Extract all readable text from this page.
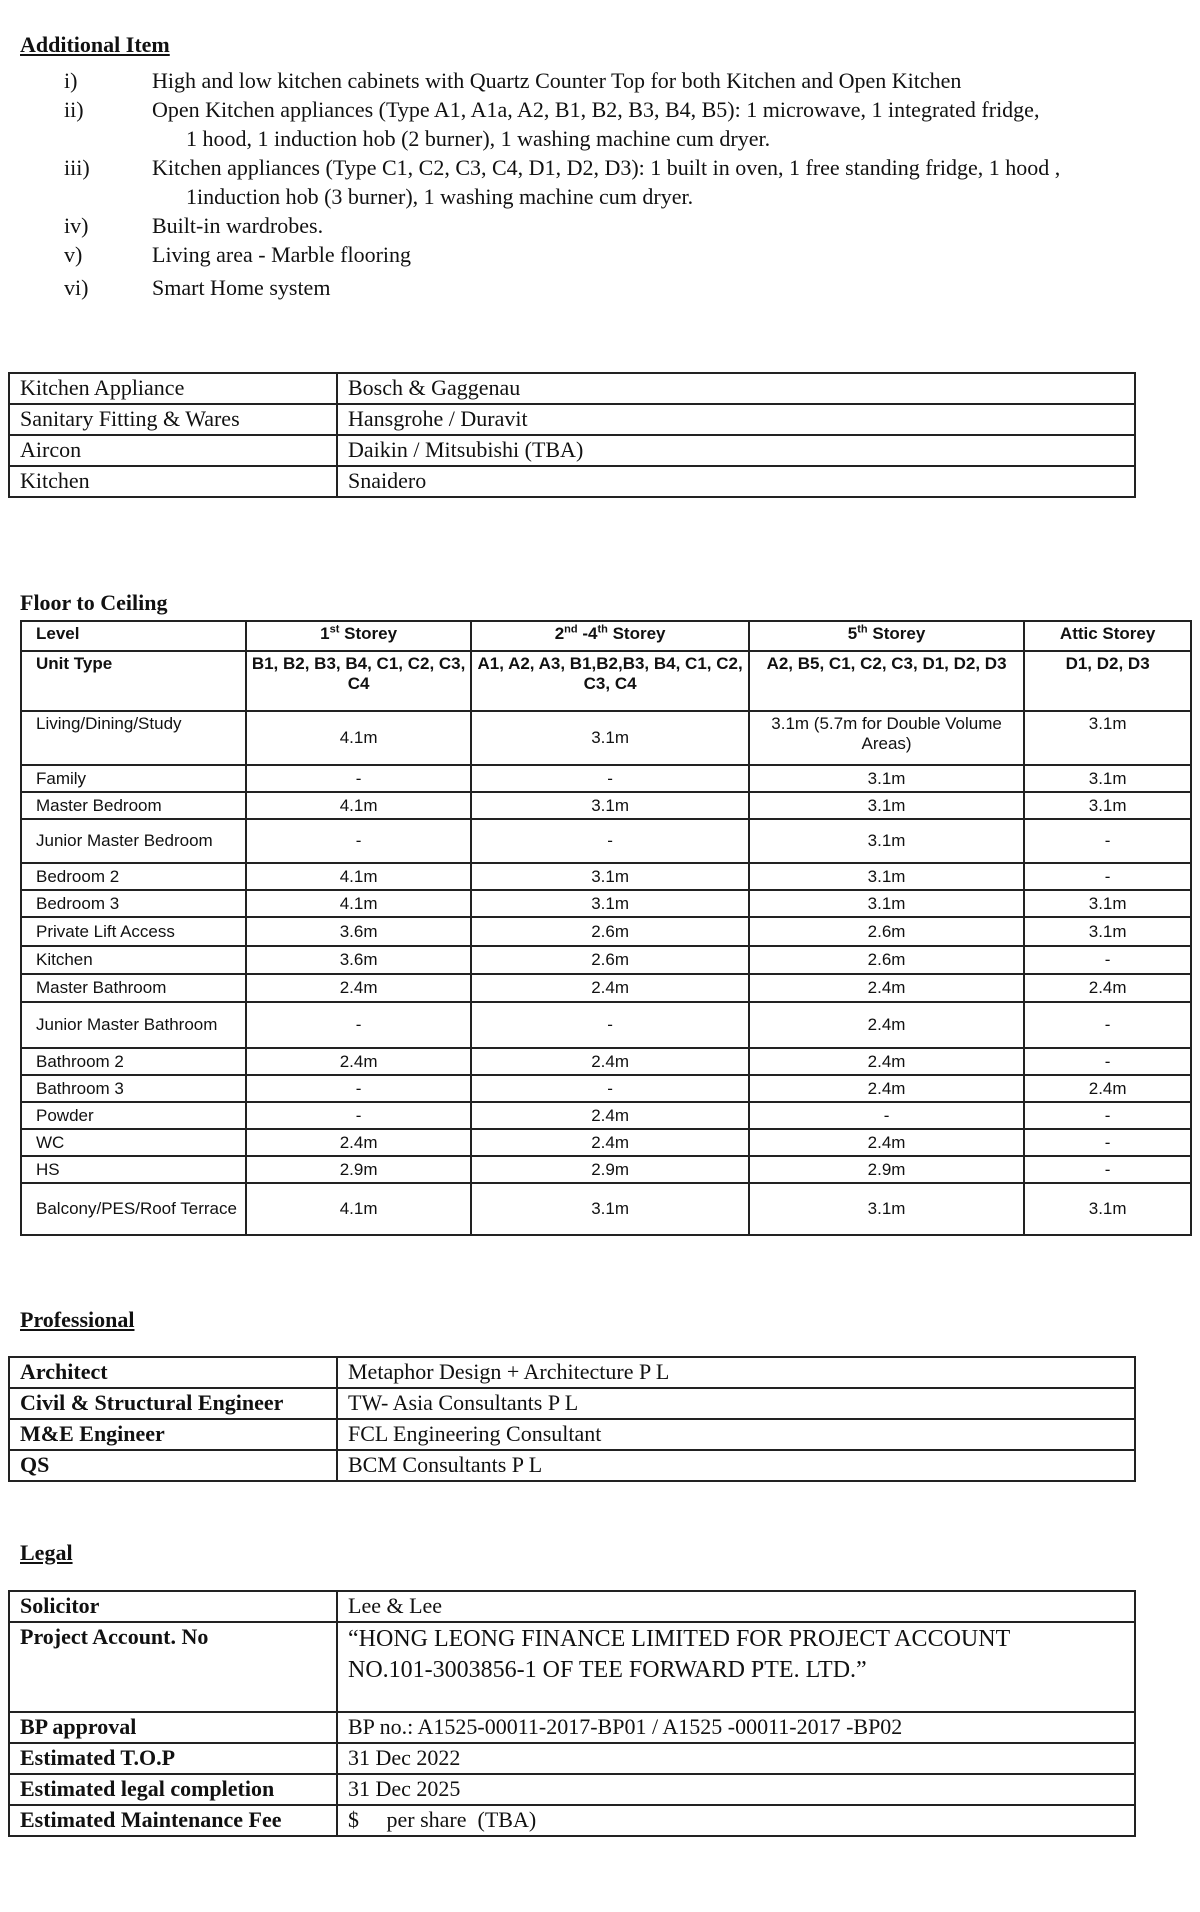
Additional Item
i)	High and low kitchen cabinets with Quartz Counter Top for both Kitchen and Open Kitchen
ii)	Open Kitchen appliances (Type A1, A1a, A2, B1, B2, B3, B4, B5): 1 microwave, 1 integrated fridge,
1 hood, 1 induction hob (2 burner), 1 washing machine cum dryer.
iii)	Kitchen appliances (Type C1, C2, C3, C4, D1, D2, D3): 1 built in oven, 1 free standing fridge, 1 hood ,
1induction hob (3 burner), 1 washing machine cum dryer.
iv)	Built-in wardrobes.
v)	Living area - Marble flooring
vi)	Smart Home system
Kitchen Appliance	Bosch & Gaggenau
Sanitary Fitting & Wares	Hansgrohe / Duravit
Aircon	Daikin / Mitsubishi (TBA)
Kitchen	Snaidero
Floor to Ceiling
Level	1st Storey	2nd -4th Storey	5th Storey	Attic Storey
Unit Type	B1, B2, B3, B4, C1, C2, C3, C4	A1, A2, A3, B1,B2,B3, B4, C1, C2, C3, C4	A2, B5, C1, C2, C3, D1, D2, D3	D1, D2, D3
Living/Dining/Study	4.1m	3.1m	3.1m (5.7m for Double Volume Areas)	3.1m
Family	-	-	3.1m	3.1m
Master Bedroom	4.1m	3.1m	3.1m	3.1m
Junior Master Bedroom	-	-	3.1m	-
Bedroom 2	4.1m	3.1m	3.1m	-
Bedroom 3	4.1m	3.1m	3.1m	3.1m
Private Lift Access	3.6m	2.6m	2.6m	3.1m
Kitchen	3.6m	2.6m	2.6m	-
Master Bathroom	2.4m	2.4m	2.4m	2.4m
Junior Master Bathroom	-	-	2.4m	-
Bathroom 2	2.4m	2.4m	2.4m	-
Bathroom 3	-	-	2.4m	2.4m
Powder	-	2.4m	-	-
WC	2.4m	2.4m	2.4m	-
HS	2.9m	2.9m	2.9m	-
Balcony/PES/Roof Terrace	4.1m	3.1m	3.1m	3.1m
Professional
Architect	Metaphor Design + Architecture P L
Civil & Structural Engineer	TW- Asia Consultants P L
M&E Engineer	FCL Engineering Consultant
QS	BCM Consultants P L
Legal
Solicitor	Lee & Lee
Project Account. No	“HONG LEONG FINANCE LIMITED FOR PROJECT ACCOUNT
NO.101-3003856-1 OF TEE FORWARD PTE. LTD.”
BP approval	BP no.: A1525-00011-2017-BP01 / A1525 -00011-2017 -BP02
Estimated T.O.P	31 Dec 2022
Estimated legal completion	31 Dec 2025
Estimated Maintenance Fee	$     per share  (TBA)
